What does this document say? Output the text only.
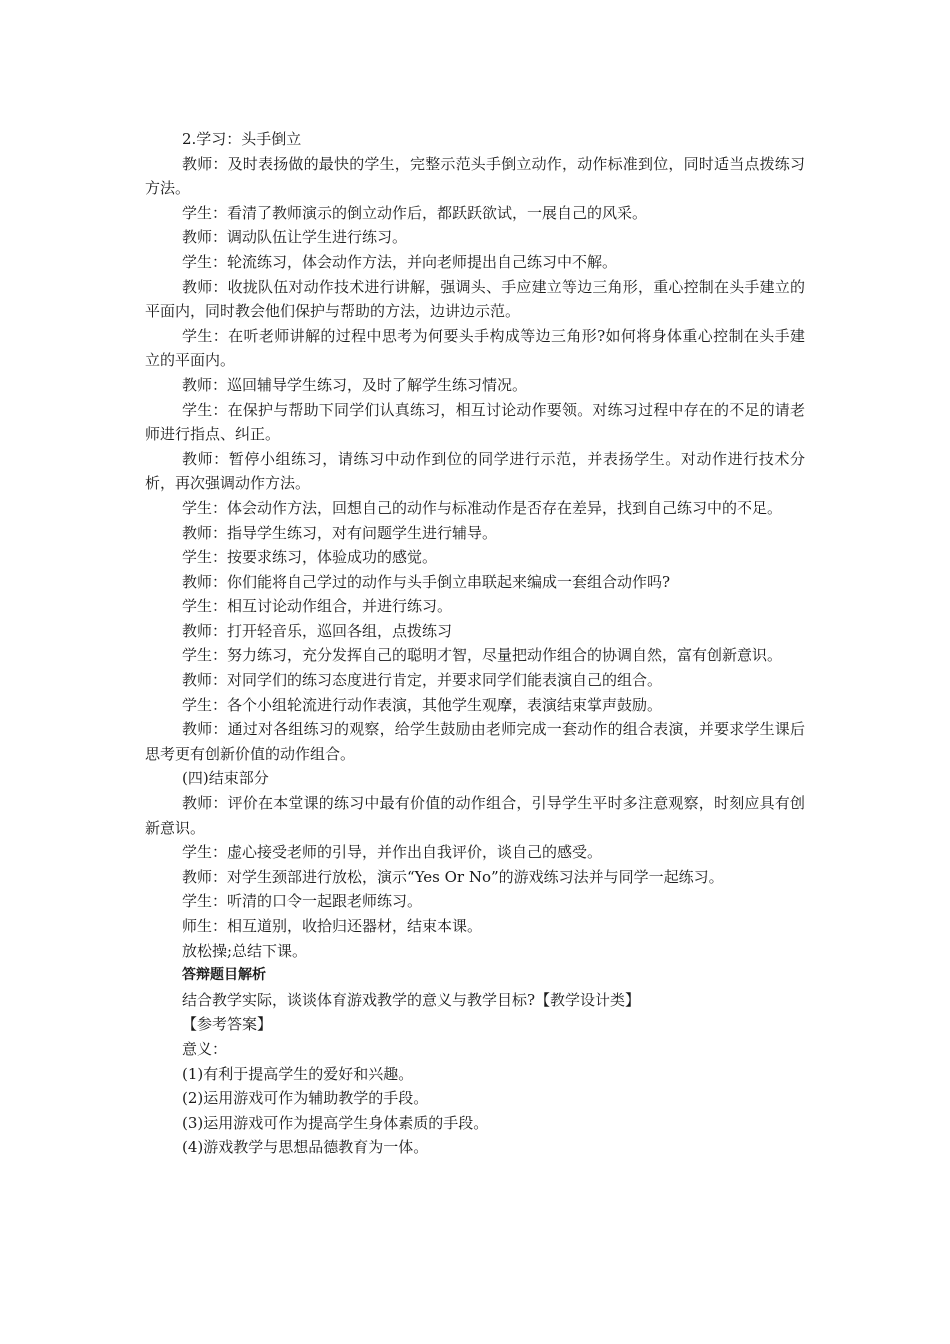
2.学习：头手倒立
教师：及时表扬做的最快的学生，完整示范头手倒立动作，动作标准到位，同时适当点拨练习方法。
学生：看清了教师演示的倒立动作后，都跃跃欲试，一展自己的风采。
教师：调动队伍让学生进行练习。
学生：轮流练习，体会动作方法，并向老师提出自己练习中不解。
教师：收拢队伍对动作技术进行讲解，强调头、手应建立等边三角形，重心控制在头手建立的平面内，同时教会他们保护与帮助的方法，边讲边示范。
学生：在听老师讲解的过程中思考为何要头手构成等边三角形?如何将身体重心控制在头手建立的平面内。
教师：巡回辅导学生练习，及时了解学生练习情况。
学生：在保护与帮助下同学们认真练习，相互讨论动作要领。对练习过程中存在的不足的请老师进行指点、纠正。
教师：暂停小组练习，请练习中动作到位的同学进行示范，并表扬学生。对动作进行技术分析，再次强调动作方法。
学生：体会动作方法，回想自己的动作与标准动作是否存在差异，找到自己练习中的不足。
教师：指导学生练习，对有问题学生进行辅导。
学生：按要求练习，体验成功的感觉。
教师：你们能将自己学过的动作与头手倒立串联起来编成一套组合动作吗?
学生：相互讨论动作组合，并进行练习。
教师：打开轻音乐，巡回各组，点拨练习
学生：努力练习，充分发挥自己的聪明才智，尽量把动作组合的协调自然，富有创新意识。
教师：对同学们的练习态度进行肯定，并要求同学们能表演自己的组合。
学生：各个小组轮流进行动作表演，其他学生观摩，表演结束掌声鼓励。
教师：通过对各组练习的观察，给学生鼓励由老师完成一套动作的组合表演，并要求学生课后思考更有创新价值的动作组合。
(四)结束部分
教师：评价在本堂课的练习中最有价值的动作组合，引导学生平时多注意观察，时刻应具有创新意识。
学生：虚心接受老师的引导，并作出自我评价，谈自己的感受。
教师：对学生颈部进行放松，演示“Yes Or No”的游戏练习法并与同学一起练习。
学生：听清的口令一起跟老师练习。
师生：相互道别，收拾归还器材，结束本课。
放松操;总结下课。
答辩题目解析
结合教学实际，谈谈体育游戏教学的意义与教学目标?【教学设计类】
【参考答案】
意义：
(1)有利于提高学生的爱好和兴趣。
(2)运用游戏可作为辅助教学的手段。
(3)运用游戏可作为提高学生身体素质的手段。
(4)游戏教学与思想品德教育为一体。
